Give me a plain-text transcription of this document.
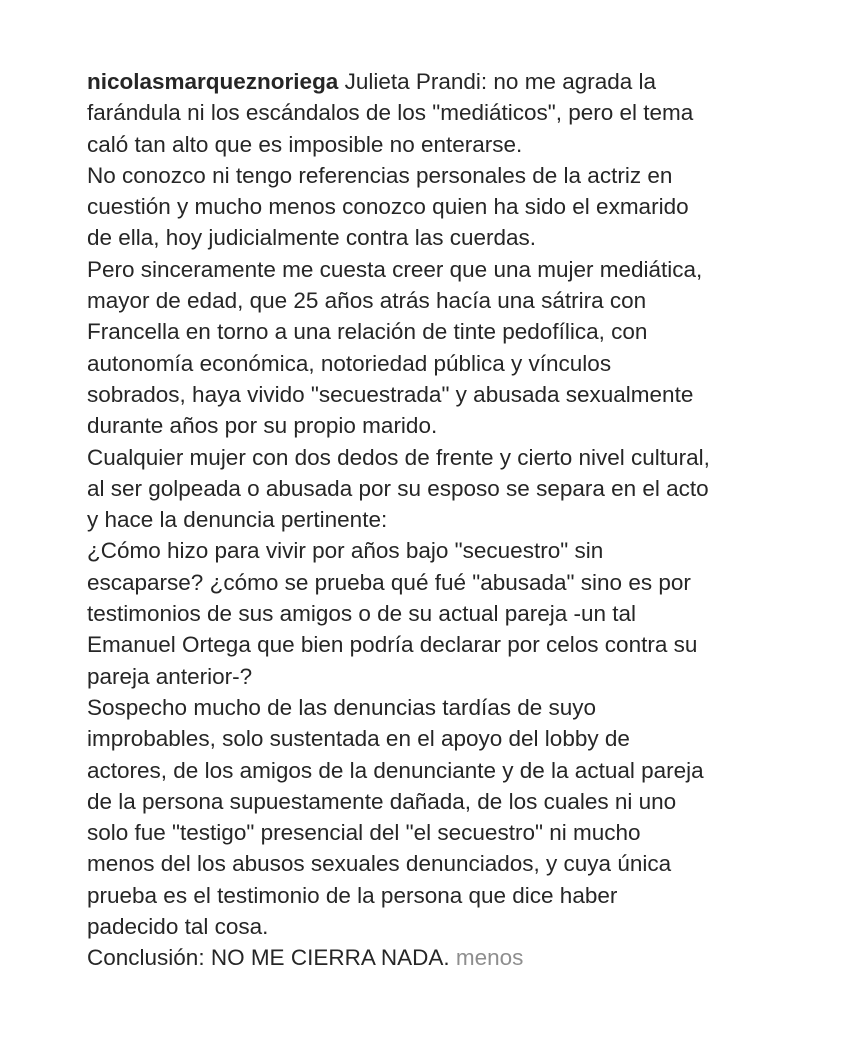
nicolasmarqueznoriega Julieta Prandi: no me agrada la
farándula ni los escándalos de los "mediáticos", pero el tema
caló tan alto que es imposible no enterarse.
No conozco ni tengo referencias personales de la actriz en
cuestión y mucho menos conozco quien ha sido el exmarido
de ella, hoy judicialmente contra las cuerdas.
Pero sinceramente me cuesta creer que una mujer mediática,
mayor de edad, que 25 años atrás hacía una sátrira con
Francella en torno a una relación de tinte pedofílica, con
autonomía económica, notoriedad pública y vínculos
sobrados, haya vivido "secuestrada" y abusada sexualmente
durante años por su propio marido.
Cualquier mujer con dos dedos de frente y cierto nivel cultural,
al ser golpeada o abusada por su esposo se separa en el acto
y hace la denuncia pertinente:
¿Cómo hizo para vivir por años bajo "secuestro" sin
escaparse? ¿cómo se prueba qué fué "abusada" sino es por
testimonios de sus amigos o de su actual pareja -un tal
Emanuel Ortega que bien podría declarar por celos contra su
pareja anterior-?
Sospecho mucho de las denuncias tardías de suyo
improbables, solo sustentada en el apoyo del lobby de
actores, de los amigos de la denunciante y de la actual pareja
de la persona supuestamente dañada, de los cuales ni uno
solo fue "testigo" presencial del "el secuestro" ni mucho
menos del los abusos sexuales denunciados, y cuya única
prueba es el testimonio de la persona que dice haber
padecido tal cosa.
Conclusión: NO ME CIERRA NADA. menos
